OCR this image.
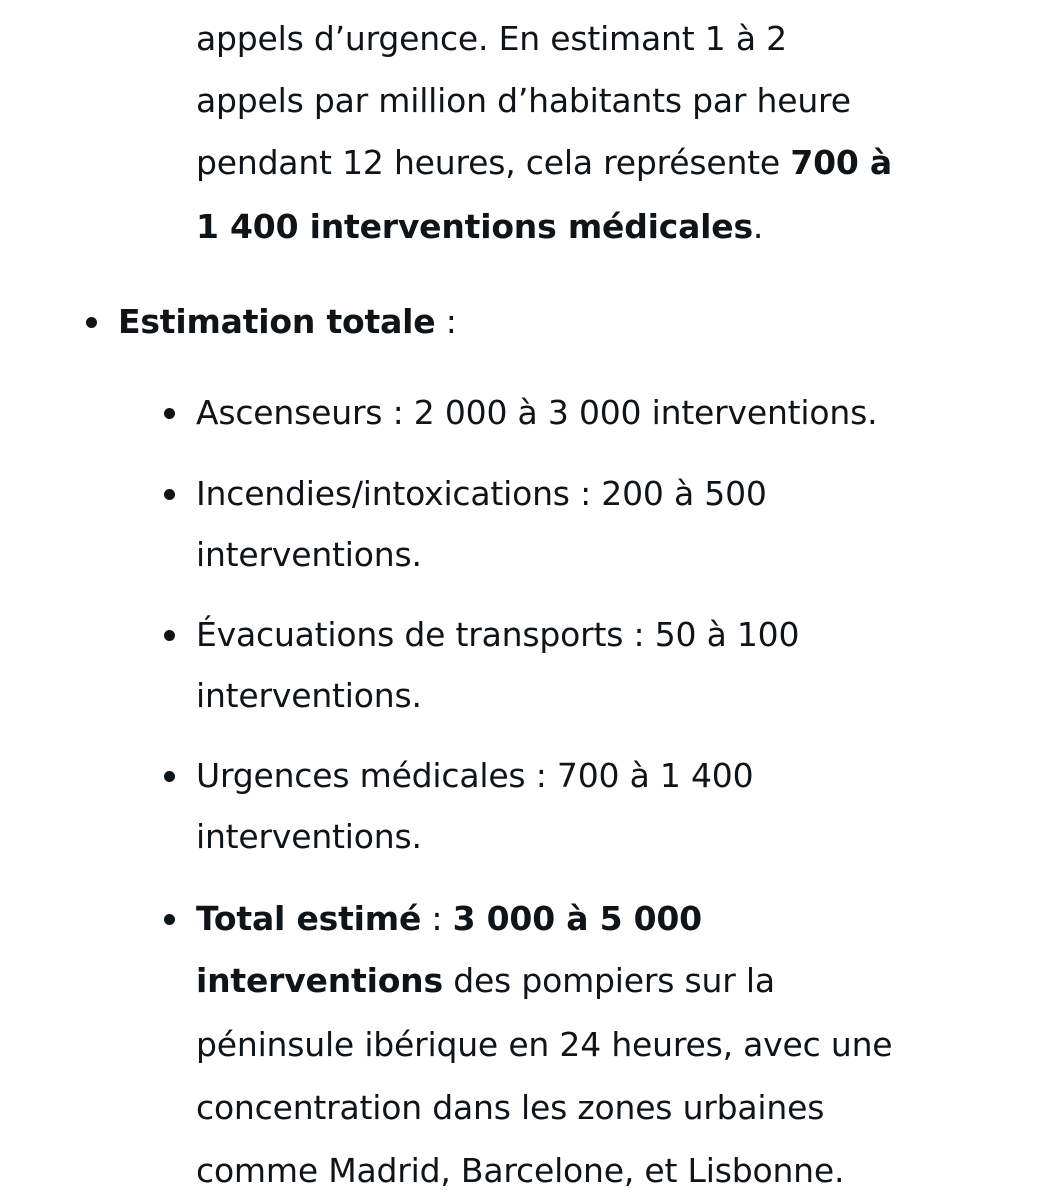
appels d’urgence. En estimant 1 à 2
appels par million d’habitants par heure
pendant 12 heures, cela représente 700 à
1 400 interventions médicales.
Estimation totale :
Ascenseurs : 2 000 à 3 000 interventions.
Incendies/intoxications : 200 à 500
interventions.
Évacuations de transports : 50 à 100
interventions.
Urgences médicales : 700 à 1 400
interventions.
Total estimé : 3 000 à 5 000
interventions des pompiers sur la
péninsule ibérique en 24 heures, avec une
concentration dans les zones urbaines
comme Madrid, Barcelone, et Lisbonne.
